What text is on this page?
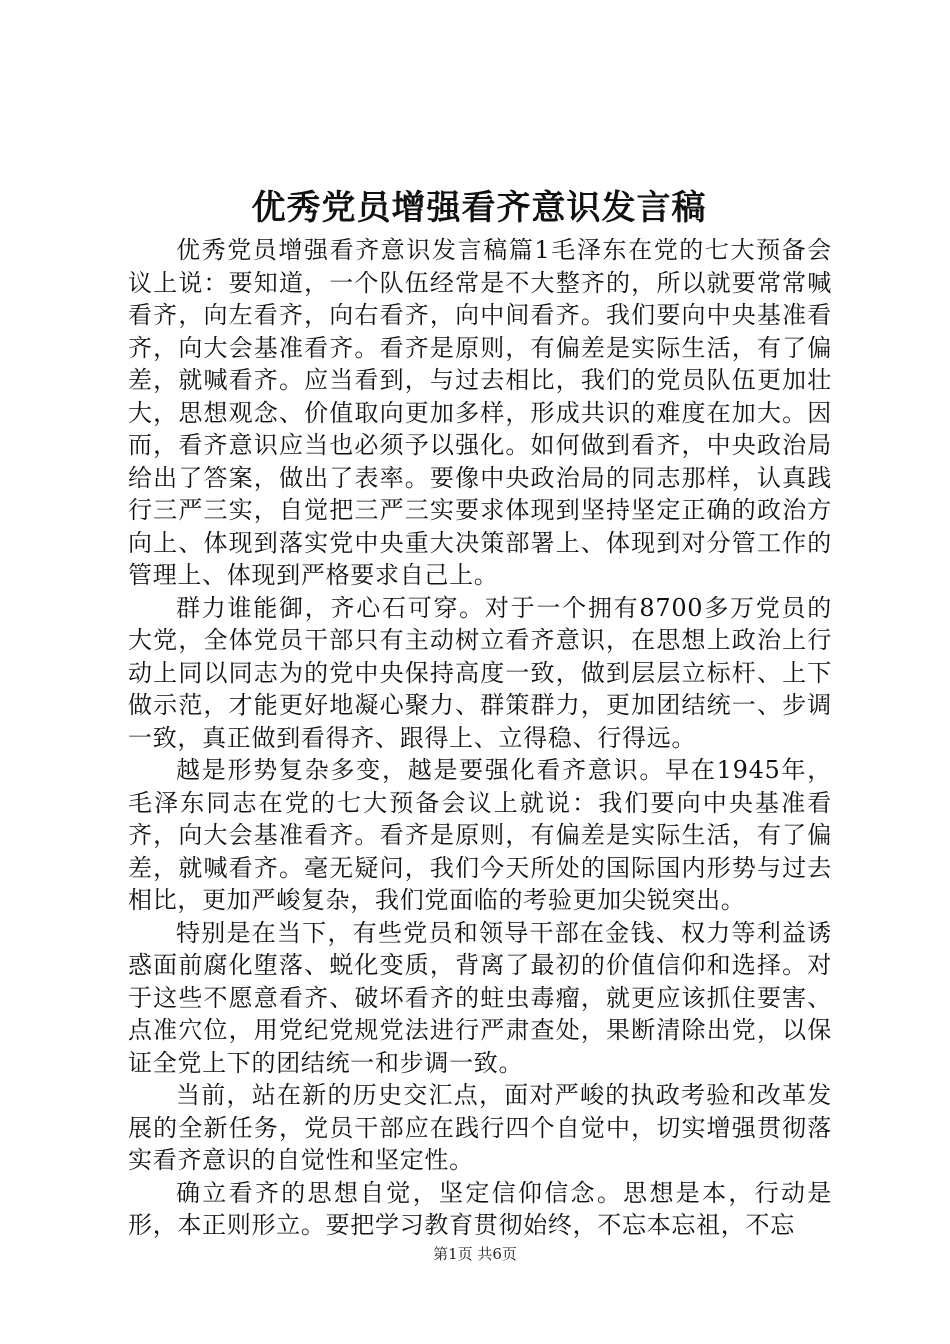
优秀党员增强看齐意识发言稿

优秀党员增强看齐意识发言稿篇1毛泽东在党的七大预备会议上说：要知道，一个队伍经常是不大整齐的，所以就要常常喊看齐，向左看齐，向右看齐，向中间看齐。我们要向中央基准看齐，向大会基准看齐。看齐是原则，有偏差是实际生活，有了偏差，就喊看齐。应当看到，与过去相比，我们的党员队伍更加壮大，思想观念、价值取向更加多样，形成共识的难度在加大。因而，看齐意识应当也必须予以强化。如何做到看齐，中央政治局给出了答案，做出了表率。要像中央政治局的同志那样，认真践行三严三实，自觉把三严三实要求体现到坚持坚定正确的政治方向上、体现到落实党中央重大决策部署上、体现到对分管工作的管理上、体现到严格要求自己上。

群力谁能御，齐心石可穿。对于一个拥有8700多万党员的大党，全体党员干部只有主动树立看齐意识，在思想上政治上行动上同以同志为的党中央保持高度一致，做到层层立标杆、上下做示范，才能更好地凝心聚力、群策群力，更加团结统一、步调一致，真正做到看得齐、跟得上、立得稳、行得远。

越是形势复杂多变，越是要强化看齐意识。早在1945年，毛泽东同志在党的七大预备会议上就说：我们要向中央基准看齐，向大会基准看齐。看齐是原则，有偏差是实际生活，有了偏差，就喊看齐。毫无疑问，我们今天所处的国际国内形势与过去相比，更加严峻复杂，我们党面临的考验更加尖锐突出。

特别是在当下，有些党员和领导干部在金钱、权力等利益诱惑面前腐化堕落、蜕化变质，背离了最初的价值信仰和选择。对于这些不愿意看齐、破坏看齐的蛀虫毒瘤，就更应该抓住要害、点准穴位，用党纪党规党法进行严肃查处，果断清除出党，以保证全党上下的团结统一和步调一致。

当前，站在新的历史交汇点，面对严峻的执政考验和改革发展的全新任务，党员干部应在践行四个自觉中，切实增强贯彻落实看齐意识的自觉性和坚定性。

确立看齐的思想自觉，坚定信仰信念。思想是本，行动是形，本正则形立。要把学习教育贯彻始终，不忘本忘祖，不忘

第1页 共6页
